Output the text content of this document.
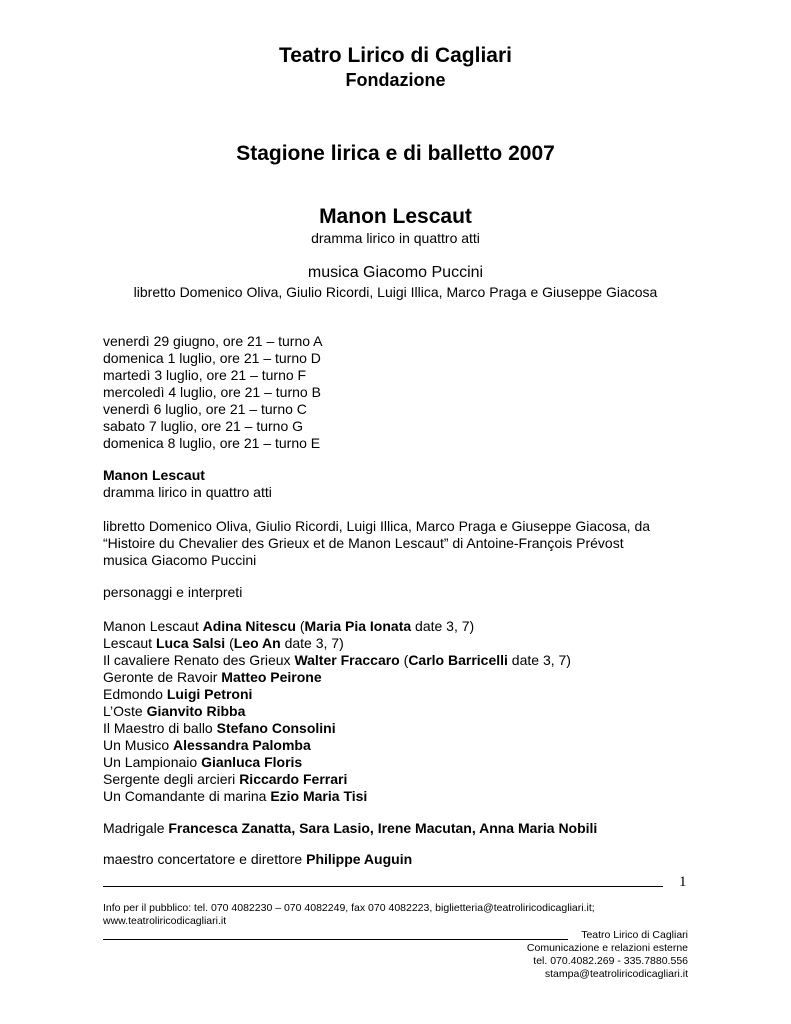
Teatro Lirico di Cagliari
Fondazione
Stagione lirica e di balletto 2007
Manon Lescaut
dramma lirico in quattro atti
musica Giacomo Puccini
libretto Domenico Oliva, Giulio Ricordi, Luigi Illica, Marco Praga e Giuseppe Giacosa
venerdì 29 giugno, ore 21 – turno A
domenica 1 luglio, ore 21 – turno D
martedì 3 luglio, ore 21 – turno F
mercoledì 4 luglio, ore 21 – turno B
venerdì 6 luglio, ore 21 – turno C
sabato 7 luglio, ore 21 – turno G
domenica 8 luglio, ore 21 – turno E
Manon Lescaut
dramma lirico in quattro atti
libretto Domenico Oliva, Giulio Ricordi, Luigi Illica, Marco Praga e Giuseppe Giacosa, da
“Histoire du Chevalier des Grieux et de Manon Lescaut” di Antoine-François Prévost
musica Giacomo Puccini
personaggi e interpreti
Manon Lescaut Adina Nitescu (Maria Pia Ionata date 3, 7)
Lescaut Luca Salsi (Leo An date 3, 7)
Il cavaliere Renato des Grieux Walter Fraccaro (Carlo Barricelli date 3, 7)
Geronte de Ravoir Matteo Peirone
Edmondo Luigi Petroni
L’Oste Gianvito Ribba
Il Maestro di ballo Stefano Consolini
Un Musico Alessandra Palomba
Un Lampionaio Gianluca Floris
Sergente degli arcieri Riccardo Ferrari
Un Comandante di marina Ezio Maria Tisi
Madrigale Francesca Zanatta, Sara Lasio, Irene Macutan, Anna Maria Nobili
maestro concertatore e direttore Philippe Auguin
1
Info per il pubblico: tel. 070 4082230 – 070 4082249, fax 070 4082223, biglietteria@teatroliricodicagliari.it;
www.teatroliricodicagliari.it
Teatro Lirico di Cagliari
Comunicazione e relazioni esterne
tel. 070.4082.269 - 335.7880.556
stampa@teatroliricodicagliari.it
